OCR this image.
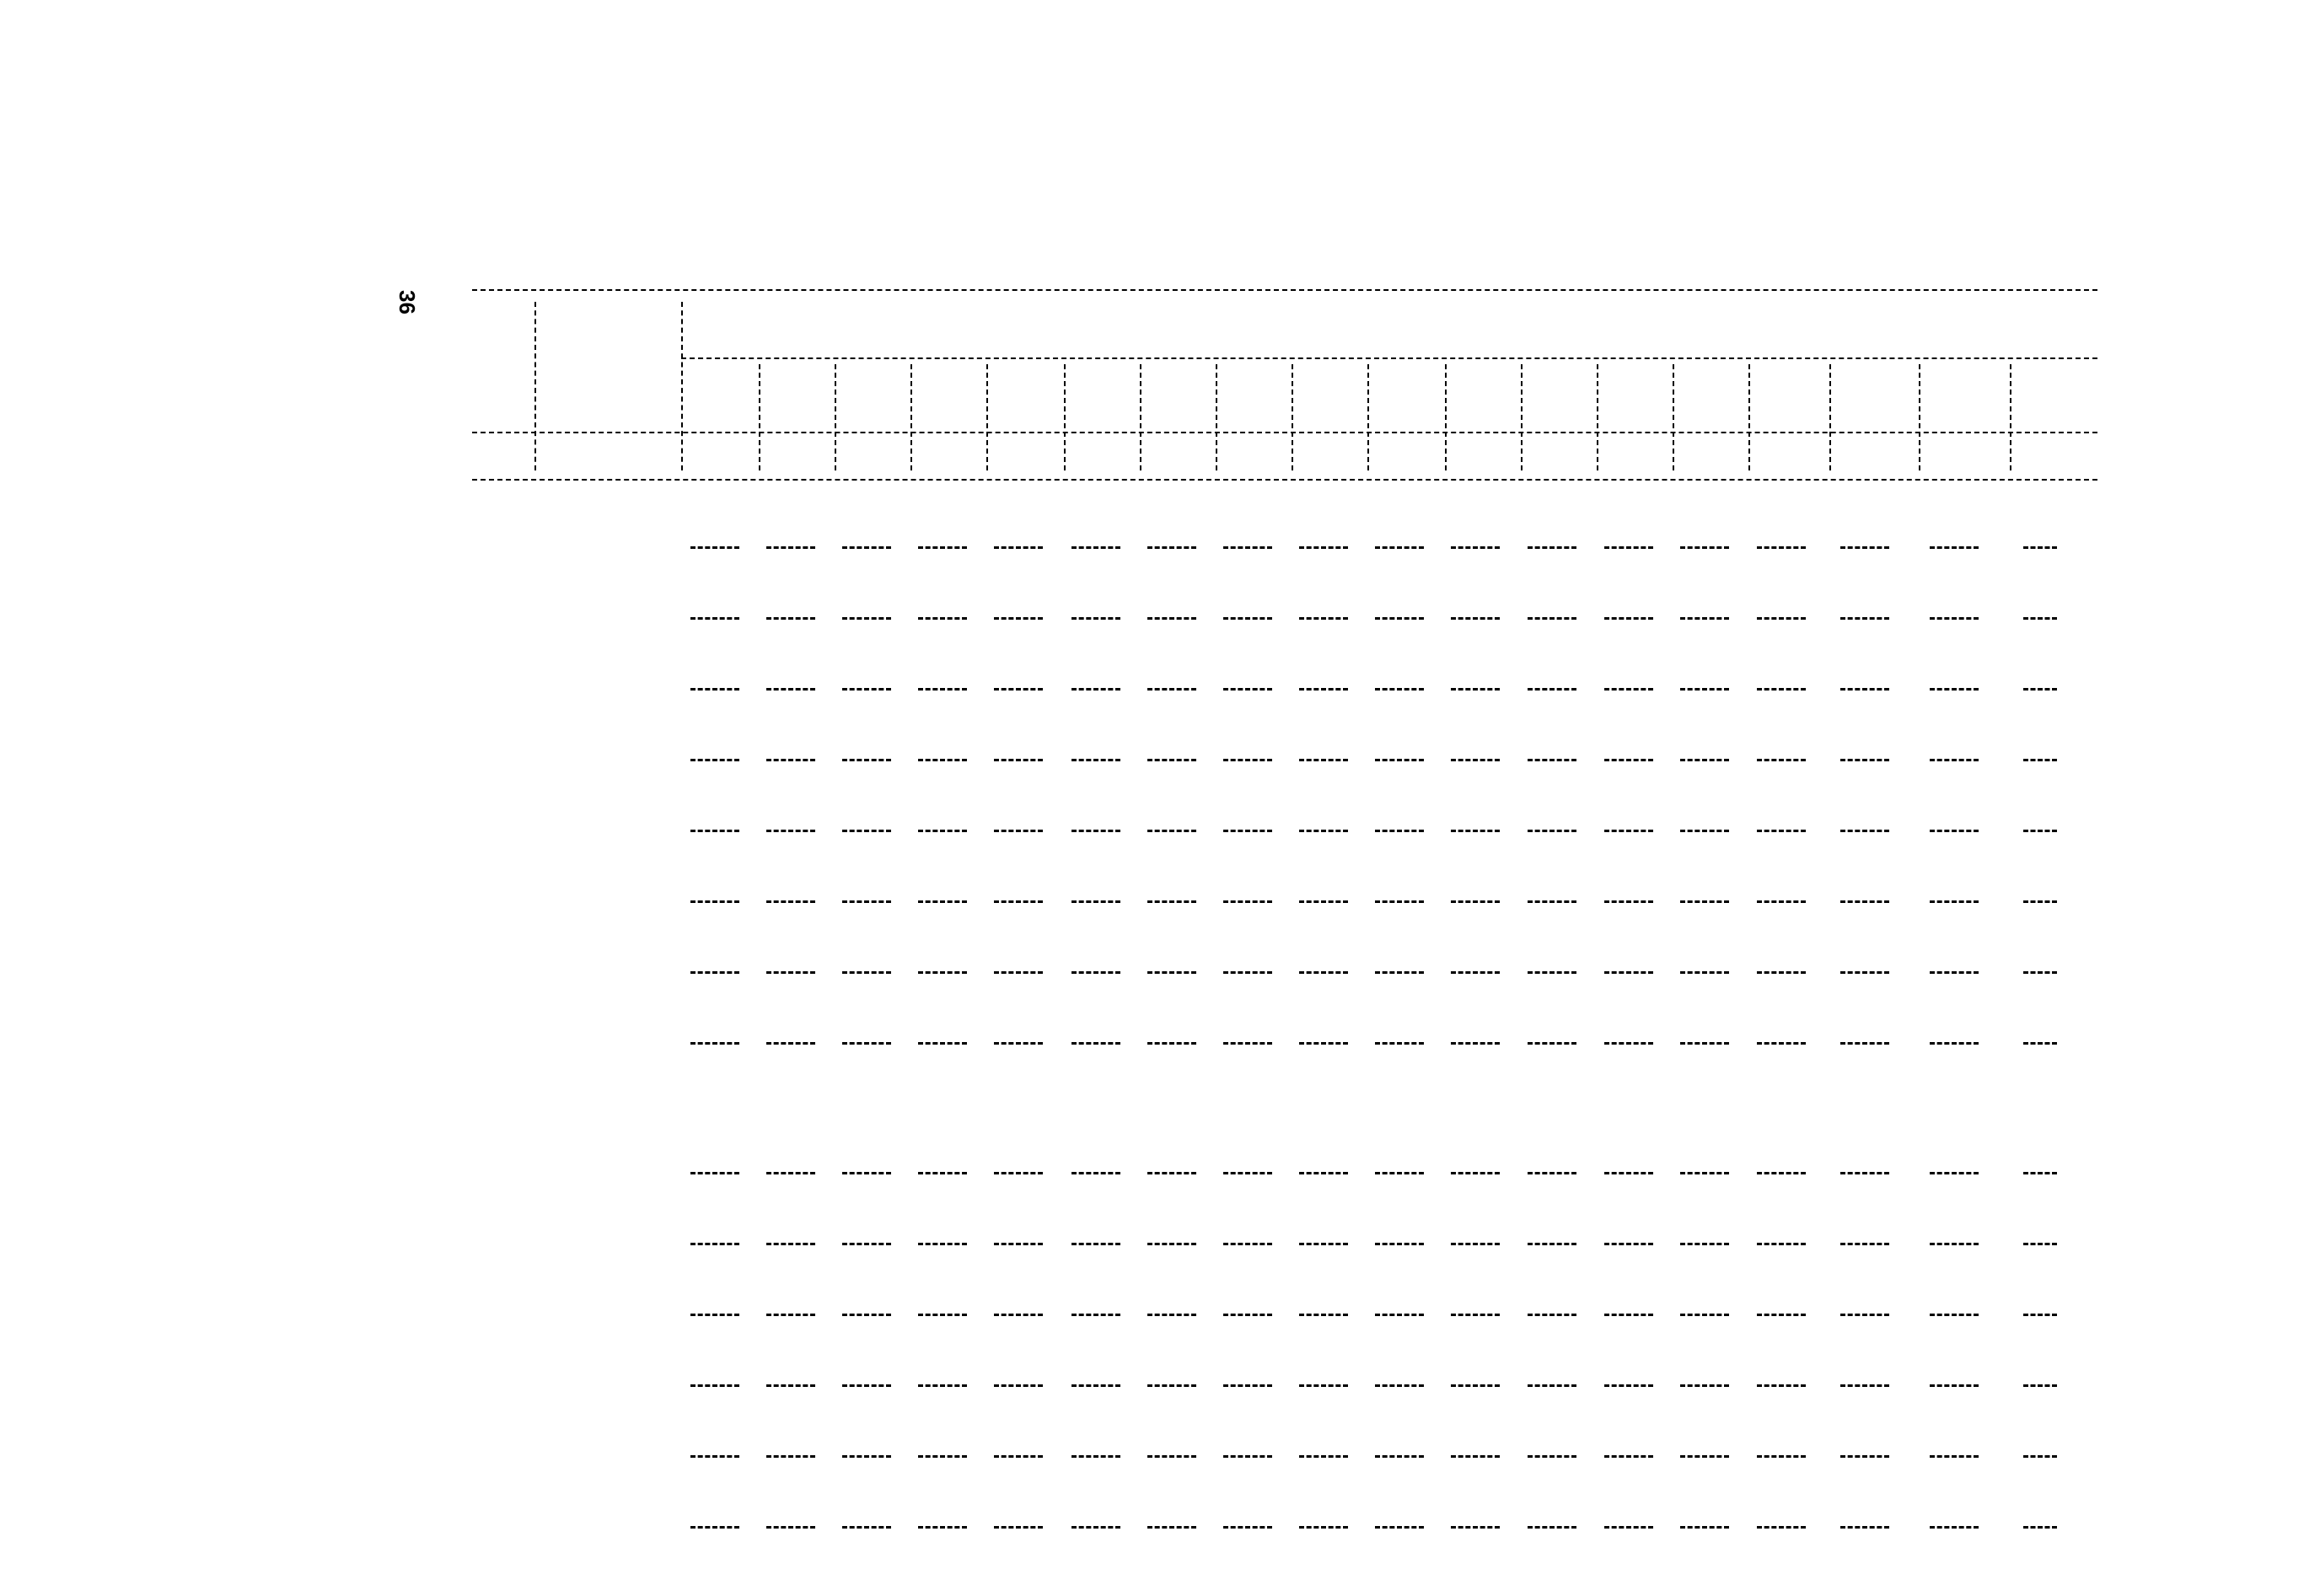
36
